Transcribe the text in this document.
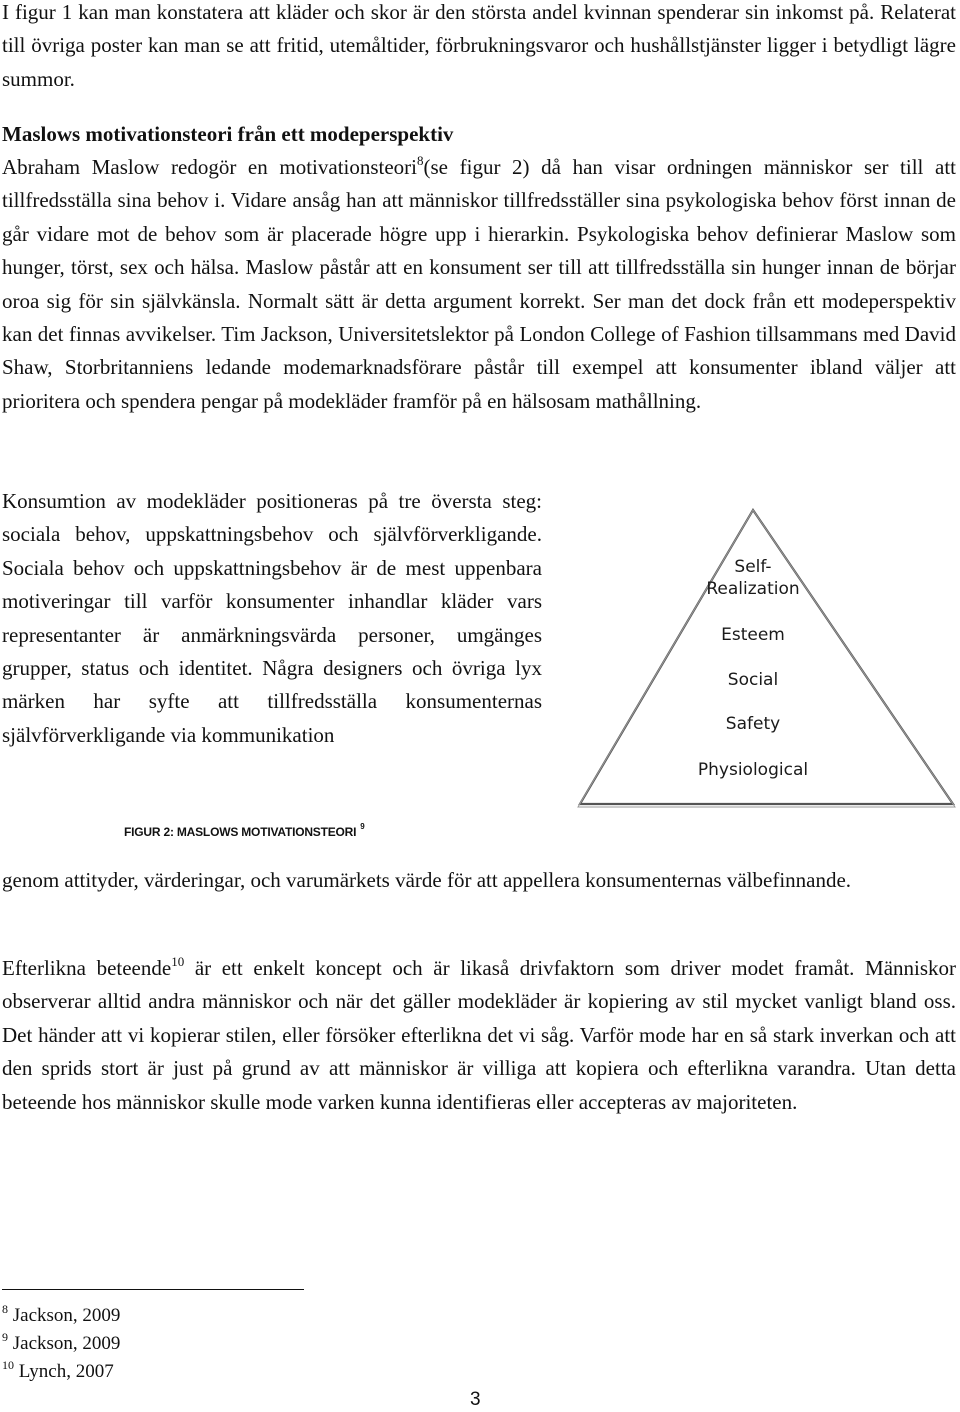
I figur 1 kan man konstatera att kläder och skor är den största andel kvinnan spenderar sin inkomst på. Relaterat till övriga poster kan man se att fritid, utemåltider, förbrukningsvaror och hushållstjänster ligger i betydligt lägre summor.

Maslows motivationsteori från ett modeperspektiv

Abraham Maslow redogör en motivationsteori$^8$(se figur 2) då han visar ordningen människor ser till att tillfredsställa sina behov i. Vidare ansåg han att människor tillfredsställer sina psykologiska behov först innan de går vidare mot de behov som är placerade högre upp i hierarkin. Psykologiska behov definierar Maslow som hunger, törst, sex och hälsa. Maslow påstår att en konsument ser till att tillfredsställa sin hunger innan de börjar oroa sig för sin självkänsla. Normalt sätt är detta argument korrekt. Ser man det dock från ett modeperspektiv kan det finnas avvikelser. Tim Jackson, Universitetslektor på London College of Fashion tillsammans med David Shaw, Storbritanniens ledande modemarknadsförare påstår till exempel att konsumenter ibland väljer att prioritera och spendera pengar på modekläder framför på en hälsosam mathållning.

Konsumtion av modekläder positioneras på tre översta steg: sociala behov, uppskattningsbehov och självförverkligande. Sociala behov och uppskattningsbehov är de mest uppenbara motiveringar till varför konsumenter inhandlar kläder vars representanter är anmärkningsvärda personer, umgänges grupper, status och identitet. Några designers och övriga lyx märken har syfte att tillfredsställa konsumenternas självförverkligande via kommunikation

Self-
Realization
Esteem
Social
Safety
Physiological
FIGUR 2: MASLOWS MOTIVATIONSTEORI $^9$

genom attityder, värderingar, och varumärkets värde för att appellera konsumenternas välbefinnande.

Efterlikna beteende$^{10}$ är ett enkelt koncept och är likaså drivfaktorn som driver modet framåt. Människor observerar alltid andra människor och när det gäller modekläder är kopiering av stil mycket vanligt bland oss. Det händer att vi kopierar stilen, eller försöker efterlikna det vi såg. Varför mode har en så stark inverkan och att den sprids stort är just på grund av att människor är villiga att kopiera och efterlikna varandra. Utan detta beteende hos människor skulle mode varken kunna identifieras eller accepteras av majoriteten.

$^8$ Jackson, 2009
$^9$ Jackson, 2009
$^{10}$ Lynch, 2007
3
